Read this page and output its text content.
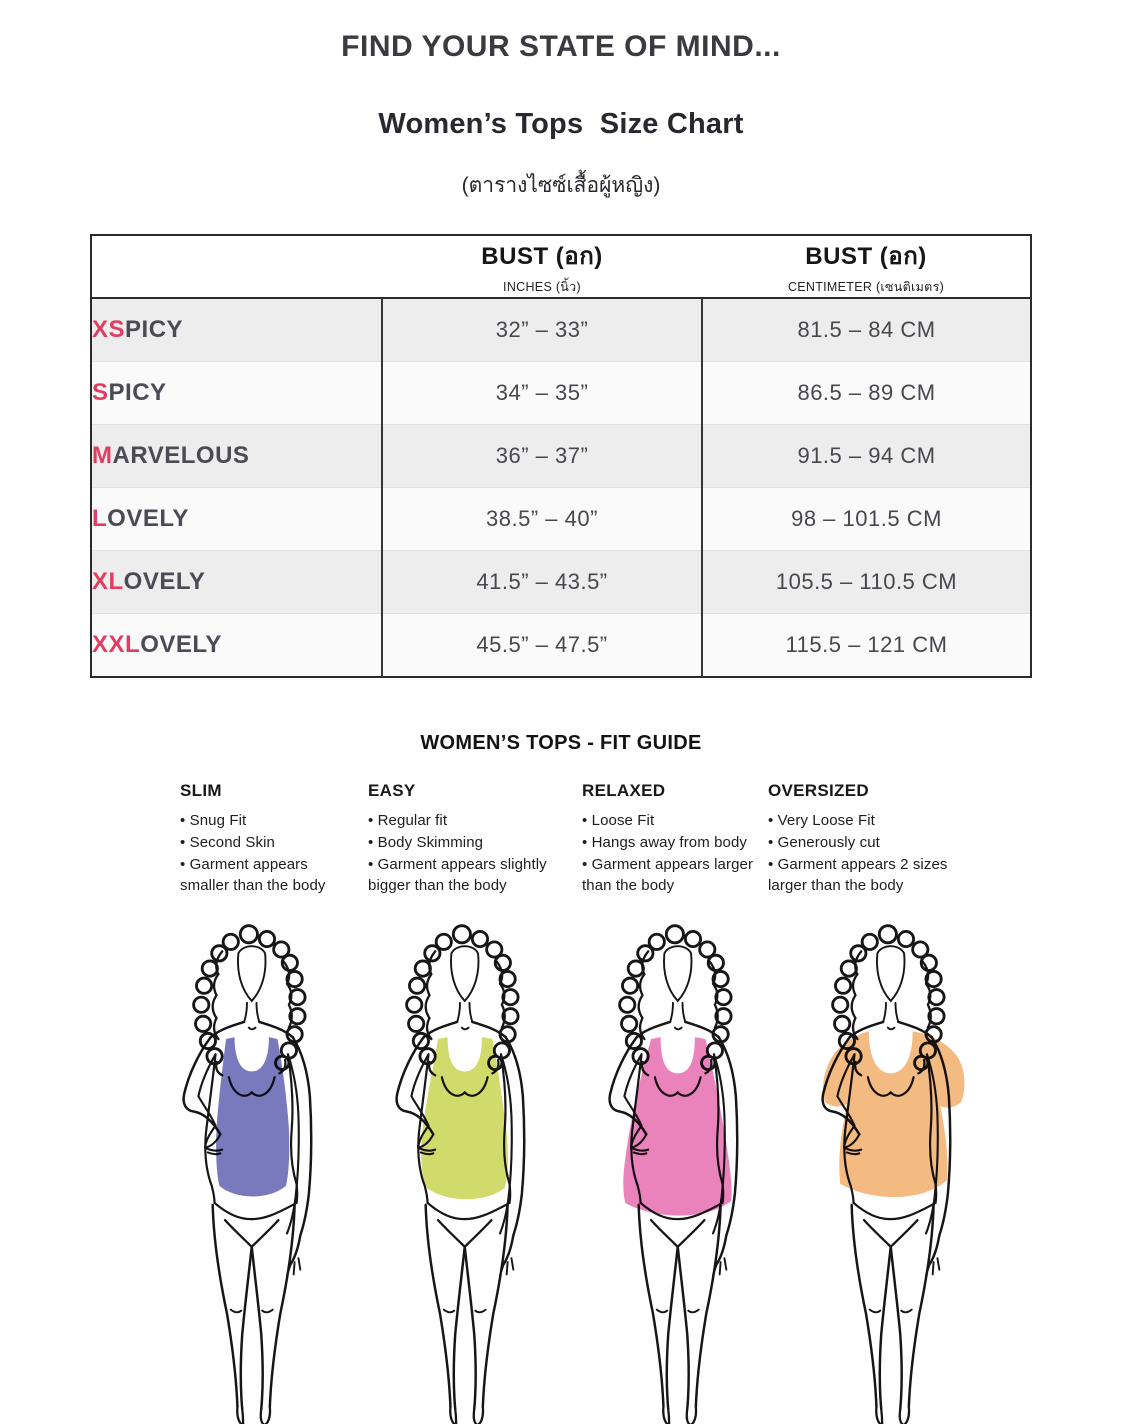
FIND YOUR STATE OF MIND...
Women’s Tops  Size Chart
(ตารางไซซ์เสื้อผู้หญิง)

BUST (อก)
INCHES (นิ้ว)

BUST (อก)
CENTIMETER (เซนติเมตร)

XSPICY	32” – 33”	81.5 – 84 CM
SPICY	34” – 35”	86.5 – 89 CM
MARVELOUS	36” – 37”	91.5 – 94 CM
LOVELY	38.5” – 40”	98 – 101.5 CM
XLOVELY	41.5” – 43.5”	105.5 – 110.5 CM
XXLOVELY	45.5” – 47.5”	115.5 – 121 CM
WOMEN’S TOPS - FIT GUIDE
SLIM
• Snug Fit
• Second Skin
• Garment appears smaller than the body
EASY
• Regular fit
• Body Skimming
• Garment appears slightly bigger than the body
RELAXED
• Loose Fit
• Hangs away from body
• Garment appears larger than the body
OVERSIZED
• Very Loose Fit
• Generously cut
• Garment appears 2 sizes larger than the body
